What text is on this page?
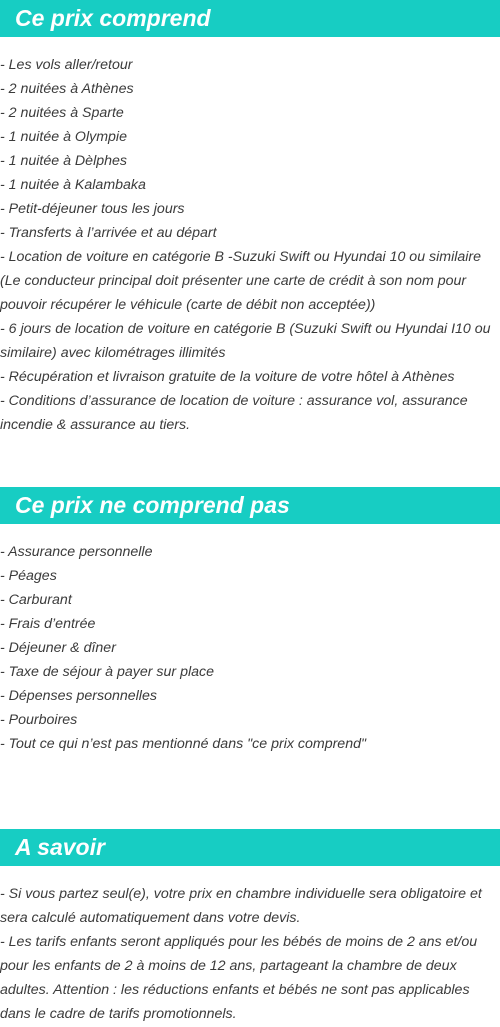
Ce prix comprend
- Les vols aller/retour
- 2 nuitées à Athènes
- 2 nuitées à Sparte
- 1 nuitée à Olympie
- 1 nuitée à Dèlphes
- 1 nuitée à Kalambaka
- Petit-déjeuner tous les jours
- Transferts à l’arrivée et au départ
- Location de voiture en catégorie B -Suzuki Swift ou Hyundai 10 ou similaire (Le conducteur principal doit présenter une carte de crédit à son nom pour pouvoir récupérer le véhicule (carte de débit non acceptée))
- 6 jours de location de voiture en catégorie B (Suzuki Swift ou Hyundai I10 ou similaire) avec kilométrages illimités
- Récupération et livraison gratuite de la voiture de votre hôtel à Athènes
- Conditions d’assurance de location de voiture : assurance vol, assurance incendie & assurance au tiers.
Ce prix ne comprend pas
- Assurance personnelle
- Péages
- Carburant
- Frais d’entrée
- Déjeuner & dîner
- Taxe de séjour à payer sur place
- Dépenses personnelles
- Pourboires
- Tout ce qui n’est pas mentionné dans "ce prix comprend"
A savoir
- Si vous partez seul(e), votre prix en chambre individuelle sera obligatoire et sera calculé automatiquement dans votre devis.
- Les tarifs enfants seront appliqués pour les bébés de moins de 2 ans et/ou pour les enfants de 2 à moins de 12 ans, partageant la chambre de deux adultes. Attention : les réductions enfants et bébés ne sont pas applicables dans le cadre de tarifs promotionnels.
